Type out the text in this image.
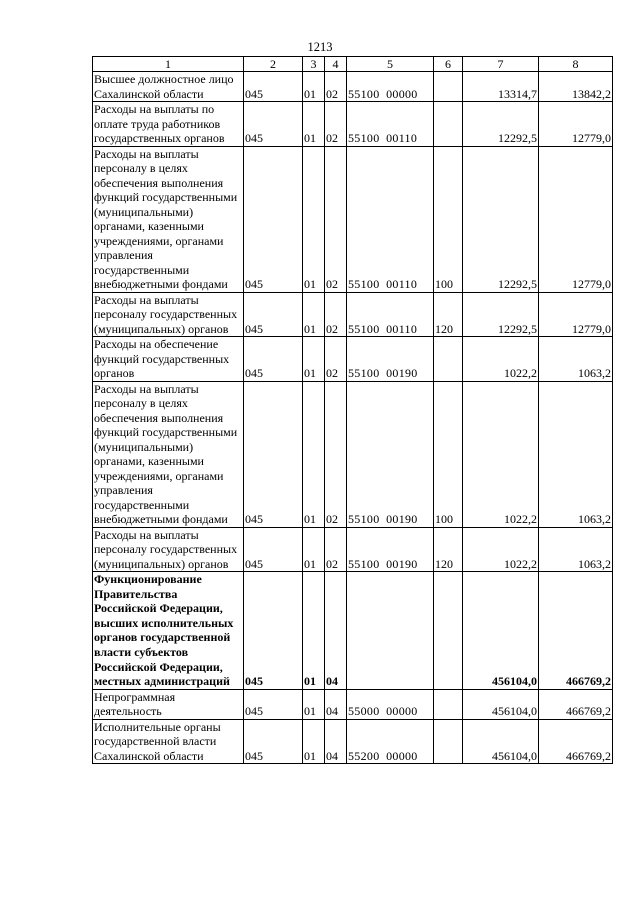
1213
1	2	3	4	5	6	7	8
Высшее должностное лицо Сахалинской области	045	01	02	55100  00000		13314,7	13842,2
Расходы на выплаты по оплате труда работников государственных органов	045	01	02	55100  00110		12292,5	12779,0
Расходы на выплаты персоналу в целях обеспечения выполнения функций государственными (муниципальными) органами, казенными учреждениями, органами управления государственными внебюджетными фондами	045	01	02	55100  00110	100	12292,5	12779,0
Расходы на выплаты персоналу государственных (муниципальных) органов	045	01	02	55100  00110	120	12292,5	12779,0
Расходы на обеспечение функций государственных органов	045	01	02	55100  00190		1022,2	1063,2
Расходы на выплаты персоналу в целях обеспечения выполнения функций государственными (муниципальными) органами, казенными учреждениями, органами управления государственными внебюджетными фондами	045	01	02	55100  00190	100	1022,2	1063,2
Расходы на выплаты персоналу государственных (муниципальных) органов	045	01	02	55100  00190	120	1022,2	1063,2
Функционирование Правительства Российской Федерации, высших исполнительных органов государственной власти субъектов Российской Федерации, местных администраций	045	01	04			456104,0	466769,2
Непрограммная деятельность	045	01	04	55000  00000		456104,0	466769,2
Исполнительные органы государственной власти Сахалинской области	045	01	04	55200  00000		456104,0	466769,2
